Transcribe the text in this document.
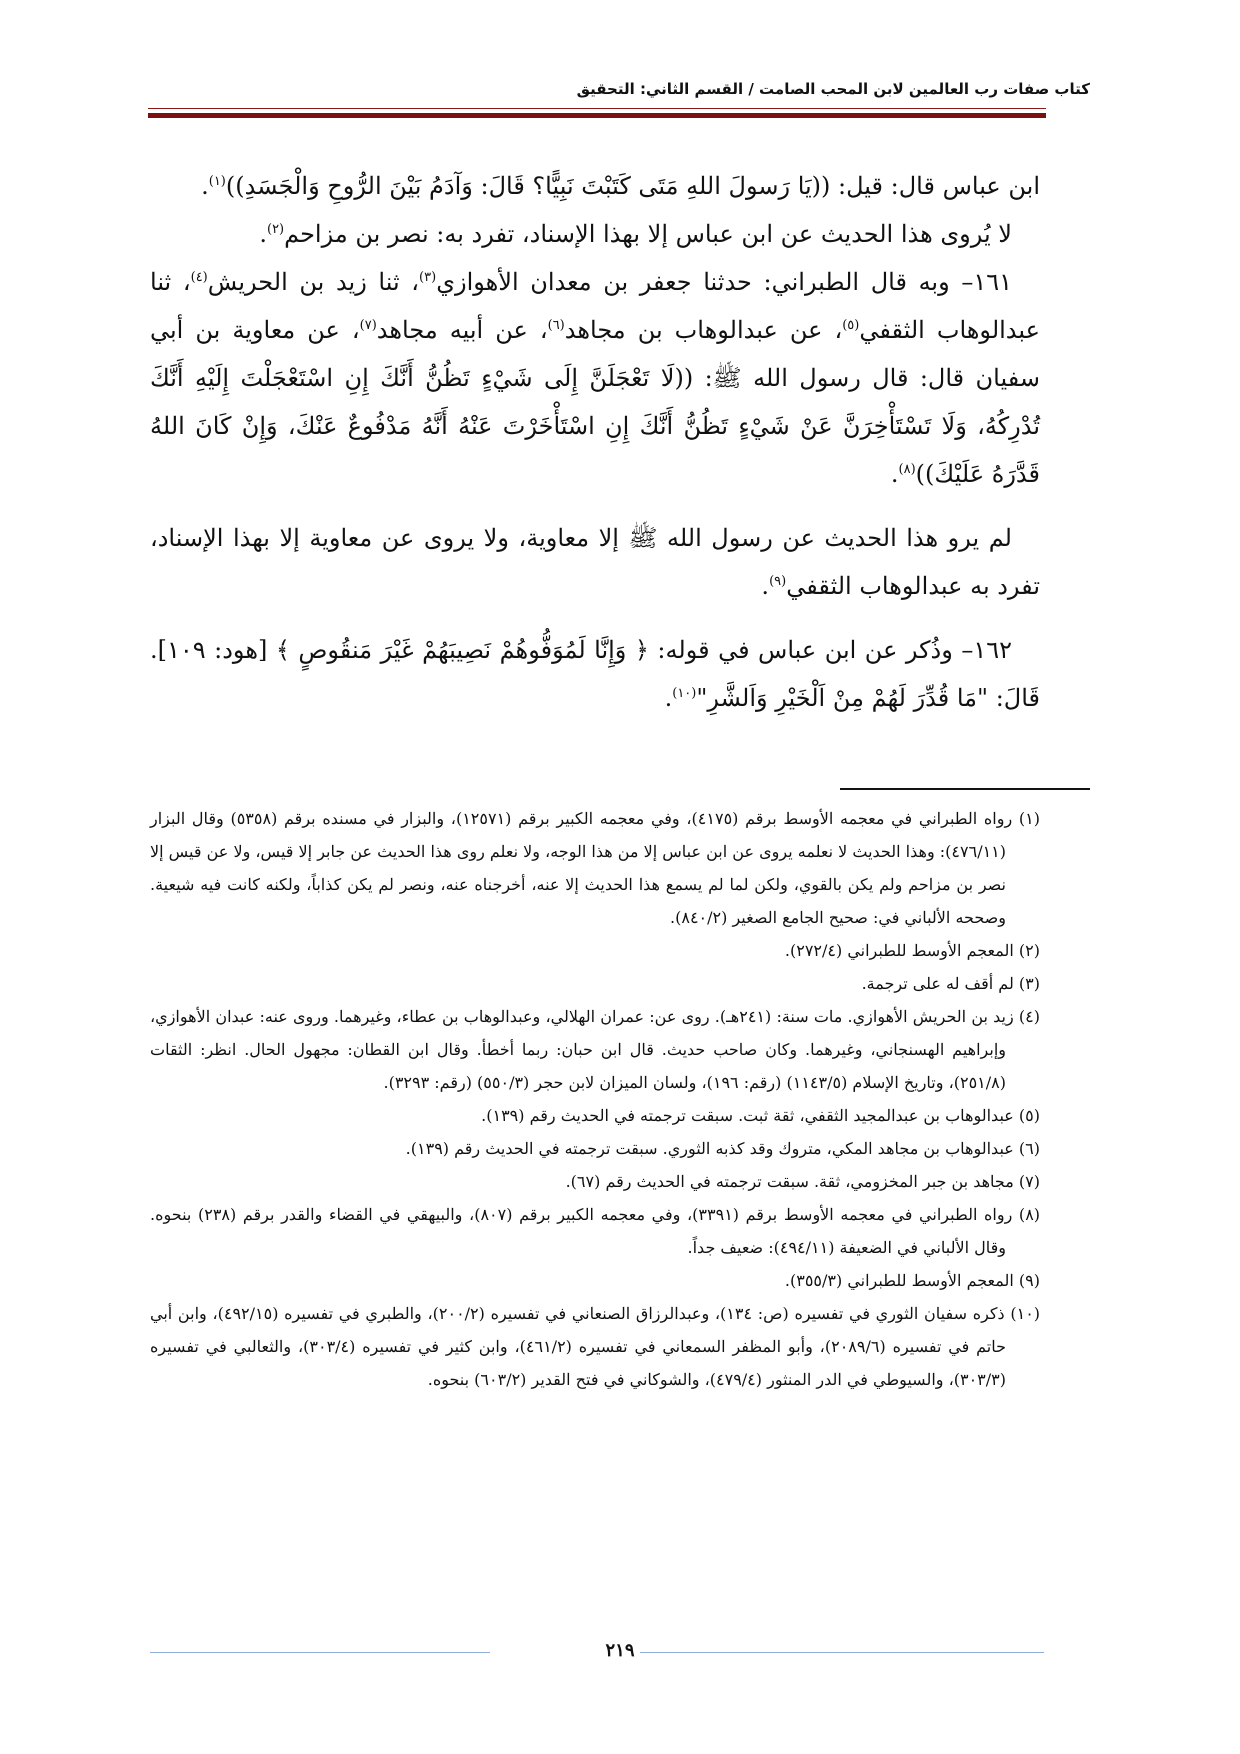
كتاب صفات رب العالمين لابن المحب الصامت / القسم الثاني: التحقيق

ابن عباس قال: قيل: ((يَا رَسولَ اللهِ مَتَى كَتَبْتَ نَبِيًّا؟ قَالَ: وَآدَمُ بَيْنَ الرُّوحِ وَالْجَسَدِ))$^{(١)}$.

لا يُروى هذا الحديث عن ابن عباس إلا بهذا الإسناد، تفرد به: نصر بن مزاحم$^{(٢)}$.

١٦١– وبه قال الطبراني: حدثنا جعفر بن معدان الأهوازي$^{(٣)}$، ثنا زيد بن الحريش$^{(٤)}$، ثنا عبدالوهاب الثقفي$^{(٥)}$، عن عبدالوهاب بن مجاهد$^{(٦)}$، عن أبيه مجاهد$^{(٧)}$، عن معاوية بن أبي سفيان قال: قال رسول الله ﷺ: ((لَا تَعْجَلَنَّ إِلَى شَيْءٍ تَظُنُّ أَنَّكَ إِنِ اسْتَعْجَلْتَ إِلَيْهِ أَنَّكَ تُدْرِكُهُ، وَلَا تَسْتَأْخِرَنَّ عَنْ شَيْءٍ تَظُنُّ أَنَّكَ إِنِ اسْتَأْخَرْتَ عَنْهُ أَنَّهُ مَدْفُوعٌ عَنْكَ، وَإِنْ كَانَ اللهُ قَدَّرَهُ عَلَيْكَ))$^{(٨)}$.

لم يرو هذا الحديث عن رسول الله ﷺ إلا معاوية، ولا يروى عن معاوية إلا بهذا الإسناد، تفرد به عبدالوهاب الثقفي$^{(٩)}$.

١٦٢– وذُكر عن ابن عباس في قوله: ﴿ وَإِنَّا لَمُوَفُّوهُمْ نَصِيبَهُمْ غَيْرَ مَنقُوصٍ ﴾ [هود: ١٠٩]. قَالَ: "مَا قُدِّرَ لَهُمْ مِنْ اَلْخَيْرِ وَاَلشَّرِ"$^{(١٠)}$.

(١) رواه الطبراني في معجمه الأوسط برقم (٤١٧٥)، وفي معجمه الكبير برقم (١٢٥٧١)، والبزار في مسنده برقم (٥٣٥٨) وقال البزار (٤٧٦/١١): وهذا الحديث لا نعلمه يروى عن ابن عباس إلا من هذا الوجه، ولا نعلم روى هذا الحديث عن جابر إلا قيس، ولا عن قيس إلا نصر بن مزاحم ولم يكن بالقوي، ولكن لما لم يسمع هذا الحديث إلا عنه، أخرجناه عنه، ونصر لم يكن كذاباً، ولكنه كانت فيه شيعية. وصححه الألباني في: صحيح الجامع الصغير (٨٤٠/٢).

(٢) المعجم الأوسط للطبراني (٢٧٢/٤).

(٣) لم أقف له على ترجمة.

(٤) زيد بن الحريش الأهوازي. مات سنة: (٢٤١هـ). روى عن: عمران الهلالي، وعبدالوهاب بن عطاء، وغيرهما. وروى عنه: عبدان الأهوازي، وإبراهيم الهسنجاني، وغيرهما. وكان صاحب حديث. قال ابن حبان: ربما أخطأ. وقال ابن القطان: مجهول الحال. انظر: الثقات (٢٥١/٨)، وتاريخ الإسلام (١١٤٣/٥) (رقم: ١٩٦)، ولسان الميزان لابن حجر (٥٥٠/٣) (رقم: ٣٢٩٣).

(٥) عبدالوهاب بن عبدالمجيد الثقفي، ثقة ثبت. سبقت ترجمته في الحديث رقم (١٣٩).

(٦) عبدالوهاب بن مجاهد المكي، متروك وقد كذبه الثوري. سبقت ترجمته في الحديث رقم (١٣٩).

(٧) مجاهد بن جبر المخزومي، ثقة. سبقت ترجمته في الحديث رقم (٦٧).

(٨) رواه الطبراني في معجمه الأوسط برقم (٣٣٩١)، وفي معجمه الكبير برقم (٨٠٧)، والبيهقي في القضاء والقدر برقم (٢٣٨) بنحوه. وقال الألباني في الضعيفة (٤٩٤/١١): ضعيف جداً.

(٩) المعجم الأوسط للطبراني (٣٥٥/٣).

(١٠) ذكره سفيان الثوري في تفسيره (ص: ١٣٤)، وعبدالرزاق الصنعاني في تفسيره (٢٠٠/٢)، والطبري في تفسيره (٤٩٢/١٥)، وابن أبي حاتم في تفسيره (٢٠٨٩/٦)، وأبو المظفر السمعاني في تفسيره (٤٦١/٢)، وابن كثير في تفسيره (٣٠٣/٤)، والثعالبي في تفسيره (٣٠٣/٣)، والسيوطي في الدر المنثور (٤٧٩/٤)، والشوكاني في فتح القدير (٦٠٣/٢) بنحوه.

٢١٩
